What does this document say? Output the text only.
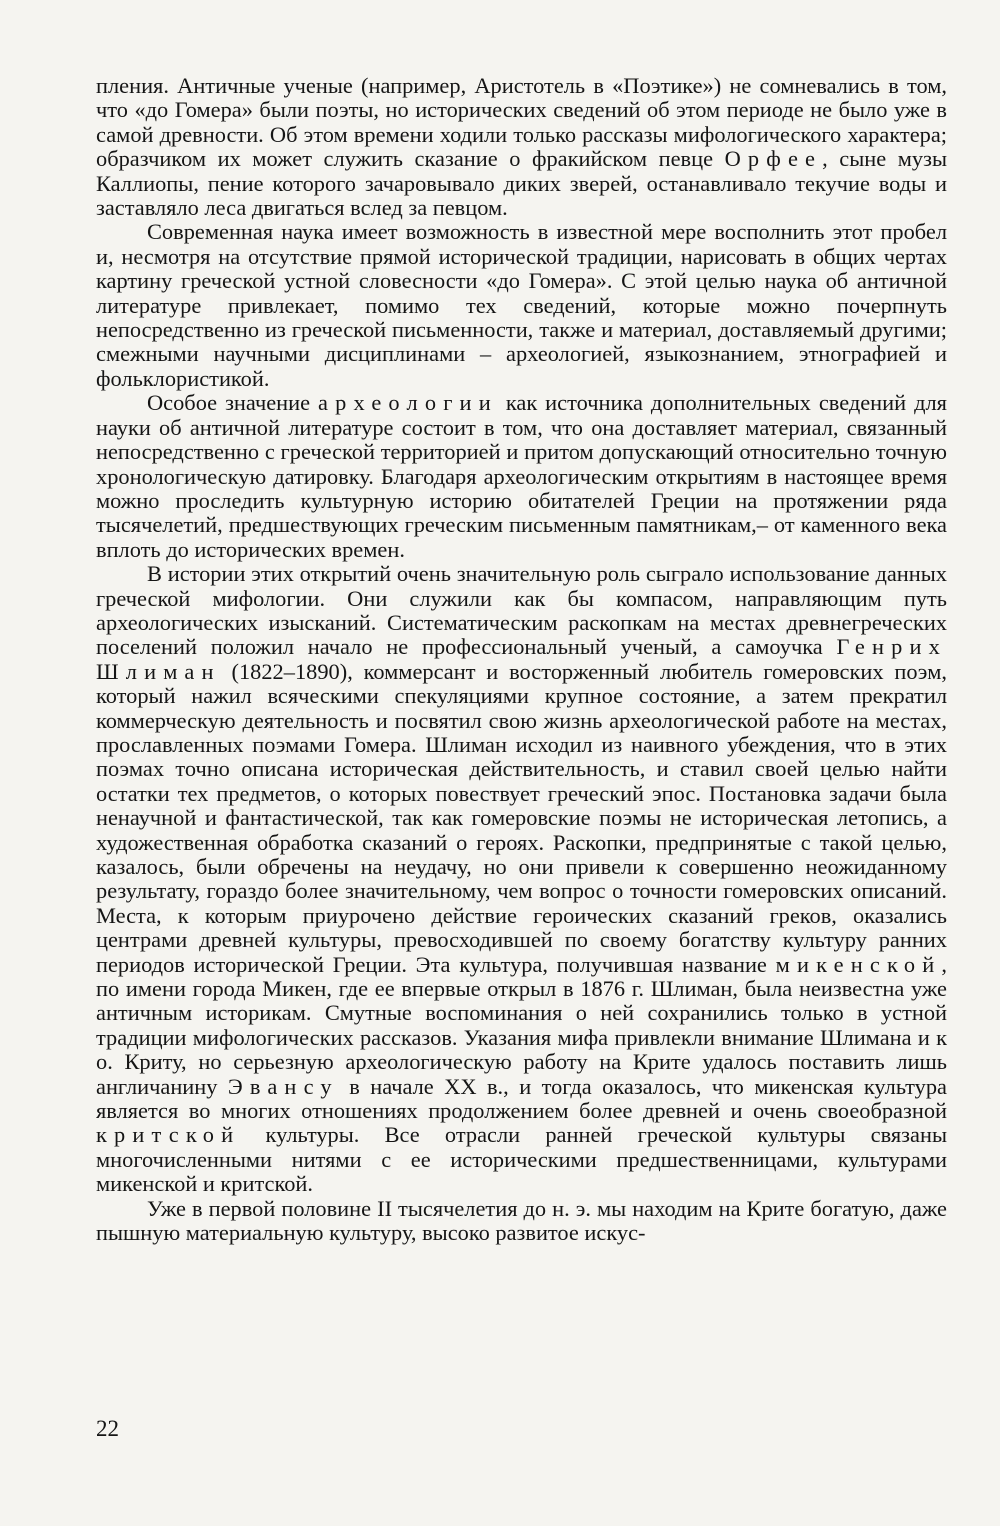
пления. Античные ученые (например, Аристотель в «Поэтике») не сомневались в том, что «до Гомера» были поэты, но исторических сведений об этом периоде не было уже в самой древности. Об этом времени ходили только рассказы мифологического характера; образчиком их может служить сказание о фракийском певце Орфее, сыне музы Каллиопы, пение которого зачаровывало диких зверей, останавливало текучие воды и заставляло леса двигаться вслед за певцом.

Современная наука имеет возможность в известной мере восполнить этот пробел и, несмотря на отсутствие прямой исторической традиции, нарисовать в общих чертах картину греческой устной словесности «до Гомера». С этой целью наука об античной литературе привлекает, помимо тех сведений, которые можно почерпнуть непосредственно из греческой письменности, также и материал, доставляемый другими; смежными научными дисциплинами – археологией, языкознанием, этнографией и фольклористикой.

Особое значение археологии как источника дополнительных сведений для науки об античной литературе состоит в том, что она доставляет материал, связанный непосредственно с греческой территорией и притом допускающий относительно точную хронологическую датировку. Благодаря археологическим открытиям в настоящее время можно проследить культурную историю обитателей Греции на протяжении ряда тысячелетий, предшествующих греческим письменным памятникам,– от каменного века вплоть до исторических времен.

В истории этих открытий очень значительную роль сыграло использование данных греческой мифологии. Они служили как бы компасом, направляющим путь археологических изысканий. Систематическим раскопкам на местах древнегреческих поселений положил начало не профессиональный ученый, а самоучка Генрих Шлиман (1822–1890), коммерсант и восторженный любитель гомеровских поэм, который нажил всяческими спекуляциями крупное состояние, а затем прекратил коммерческую деятельность и посвятил свою жизнь археологической работе на местах, прославленных поэмами Гомера. Шлиман исходил из наивного убеждения, что в этих поэмах точно описана историческая действительность, и ставил своей целью найти остатки тех предметов, о которых повествует греческий эпос. Постановка задачи была ненаучной и фантастической, так как гомеровские поэмы не историческая летопись, а художественная обработка сказаний о героях. Раскопки, предпринятые с такой целью, казалось, были обречены на неудачу, но они привели к совершенно неожиданному результату, гораздо более значительному, чем вопрос о точности гомеровских описаний. Места, к которым приурочено действие героических сказаний греков, оказались центрами древней культуры, превосходившей по своему богатству культуру ранних периодов исторической Греции. Эта культура, получившая название микенской, по имени города Микен, где ее впервые открыл в 1876 г. Шлиман, была неизвестна уже античным историкам. Смутные воспоминания о ней сохранились только в устной традиции мифологических рассказов. Указания мифа привлекли внимание Шлимана и к о. Криту, но серьезную археологическую работу на Крите удалось поставить лишь англичанину Эвансу в начале XX в., и тогда оказалось, что микенская культура является во многих отношениях продолжением более древней и очень своеобразной критской культуры. Все отрасли ранней греческой культуры связаны многочисленными нитями с ее историческими предшественницами, культурами микенской и критской.

Уже в первой половине II тысячелетия до н. э. мы находим на Крите богатую, даже пышную материальную культуру, высоко развитое искус-

22
